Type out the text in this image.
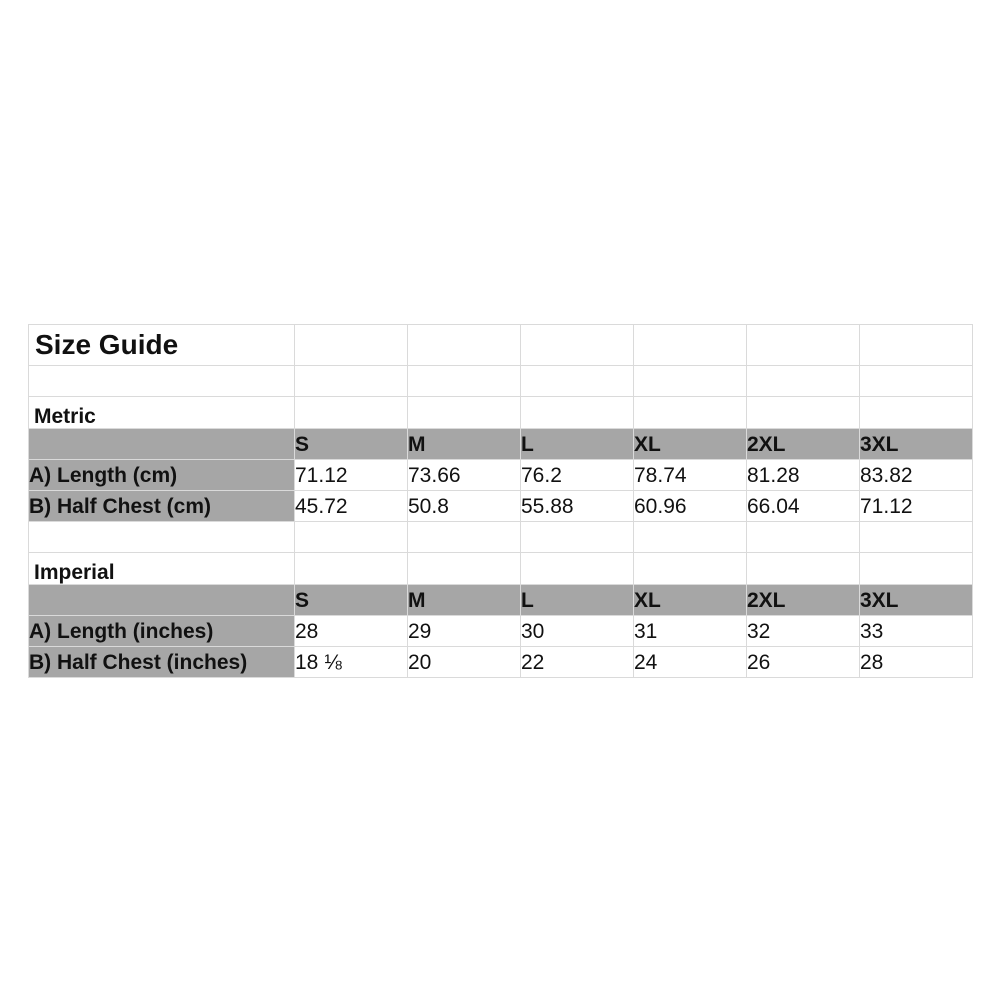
Size Guide						

Metric						
	S	M	L	XL	2XL	3XL
A) Length (cm)	71.12	73.66	76.2	78.74	81.28	83.82
B) Half Chest (cm)	45.72	50.8	55.88	60.96	66.04	71.12

Imperial						
	S	M	L	XL	2XL	3XL
A) Length (inches)	28	29	30	31	32	33
B) Half Chest (inches)	18 ⅛	20	22	24	26	28
